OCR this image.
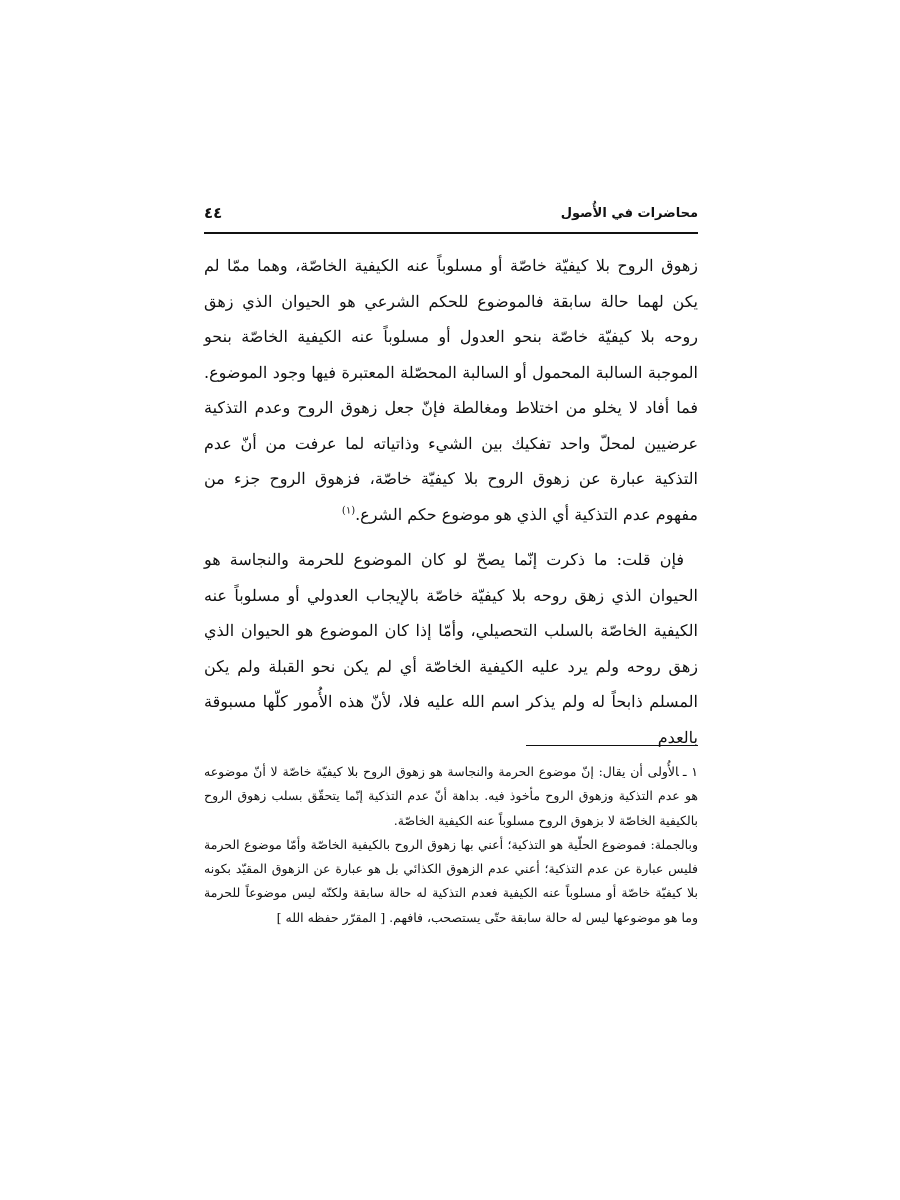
محاضرات في الأُصول
٤٤

زهوق الروح بلا كيفيّة خاصّة أو مسلوباً عنه الكيفية الخاصّة، وهما ممّا لم يكن لهما حالة سابقة فالموضوع للحكم الشرعي هو الحيوان الذي زهق روحه بلا كيفيّة خاصّة بنحو العدول أو مسلوباً عنه الكيفية الخاصّة بنحو الموجبة السالبة المحمول أو السالبة المحصّلة المعتبرة فيها وجود الموضوع. فما أفاد لا يخلو من اختلاط ومغالطة فإنّ جعل زهوق الروح وعدم التذكية عرضيين لمحلّ واحد تفكيك بين الشيء وذاتياته لما عرفت من أنّ عدم التذكية عبارة عن زهوق الروح بلا كيفيّة خاصّة، فزهوق الروح جزء من مفهوم عدم التذكية أي الذي هو موضوع حكم الشرع.$^{(١)}$

فإن قلت: ما ذكرت إنّما يصحّ لو كان الموضوع للحرمة والنجاسة هو الحيوان الذي زهق روحه بلا كيفيّة خاصّة بالإيجاب العدولي أو مسلوباً عنه الكيفية الخاصّة بالسلب التحصيلي، وأمّا إذا كان الموضوع هو الحيوان الذي زهق روحه ولم يرد عليه الكيفية الخاصّة أي لم يكن نحو القبلة ولم يكن المسلم ذابحاً له ولم يذكر اسم الله عليه فلا، لأنّ هذه الأُمور كلّها مسبوقة بالعدم

١ ـالأُولى أن يقال: إنّ موضوع الحرمة والنجاسة هو زهوق الروح بلا كيفيّة خاصّة لا أنّ موضوعه هو عدم التذكية وزهوق الروح مأخوذ فيه. بداهة أنّ عدم التذكية إنّما يتحقّق بسلب زهوق الروح بالكيفية الخاصّة لا بزهوق الروح مسلوباً عنه الكيفية الخاصّة.

وبالجملة: فموضوع الحلّية هو التذكية؛ أعني بها زهوق الروح بالكيفية الخاصّة وأمّا موضوع الحرمة فليس عبارة عن عدم التذكية؛ أعني عدم الزهوق الكذائي بل هو عبارة عن الزهوق المقيّد بكونه بلا كيفيّة خاصّة أو مسلوباً عنه الكيفية فعدم التذكية له حالة سابقة ولكنّه ليس موضوعاً للحرمة وما هو موضوعها ليس له حالة سابقة حتّى يستصحب، فافهم. [ المقرّر حفظه الله ]
